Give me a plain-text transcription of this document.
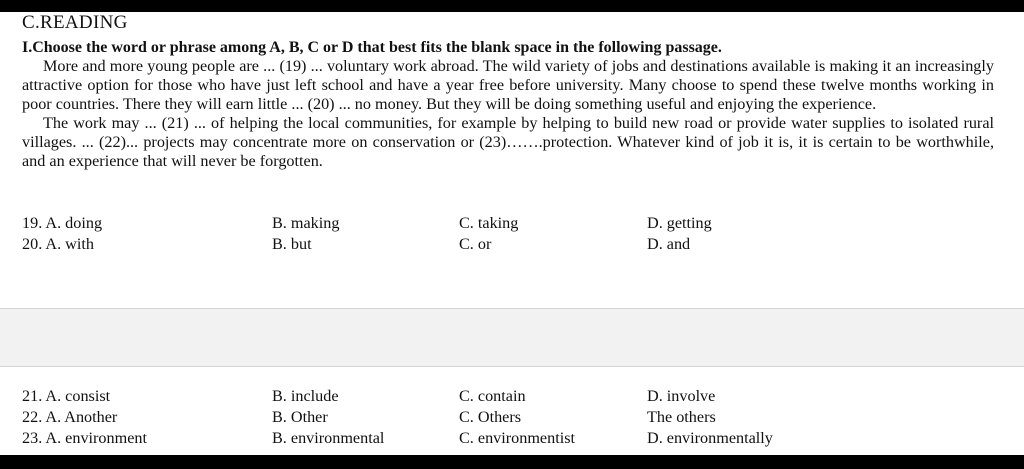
C.READING
I.Choose the word or phrase among A, B, C or D that best fits the blank space in the following passage.

More and more young people are ... (19) ... voluntary work abroad. The wild variety of jobs and destinations available is making it an increasingly attractive option for those who have just left school and have a year free before university. Many choose to spend these twelve months working in poor countries. There they will earn little ... (20) ... no money. But they will be doing something useful and enjoying the experience.

The work may ... (21) ... of helping the local communities, for example by helping to build new road or provide water supplies to isolated rural villages. ... (22)... projects may concentrate more on conservation or (23)…….protection. Whatever kind of job it is, it is certain to be worthwhile, and an experience that will never be forgotten.

19. A. doing	B. making	C. taking	D. getting
20. A. with	B. but	C. or	D. and
21. A. consist	B. include	C. contain	D. involve
22. A. Another	B. Other	C. Others	The others
23. A. environment	B. environmental	C. environmentist	D. environmentally
